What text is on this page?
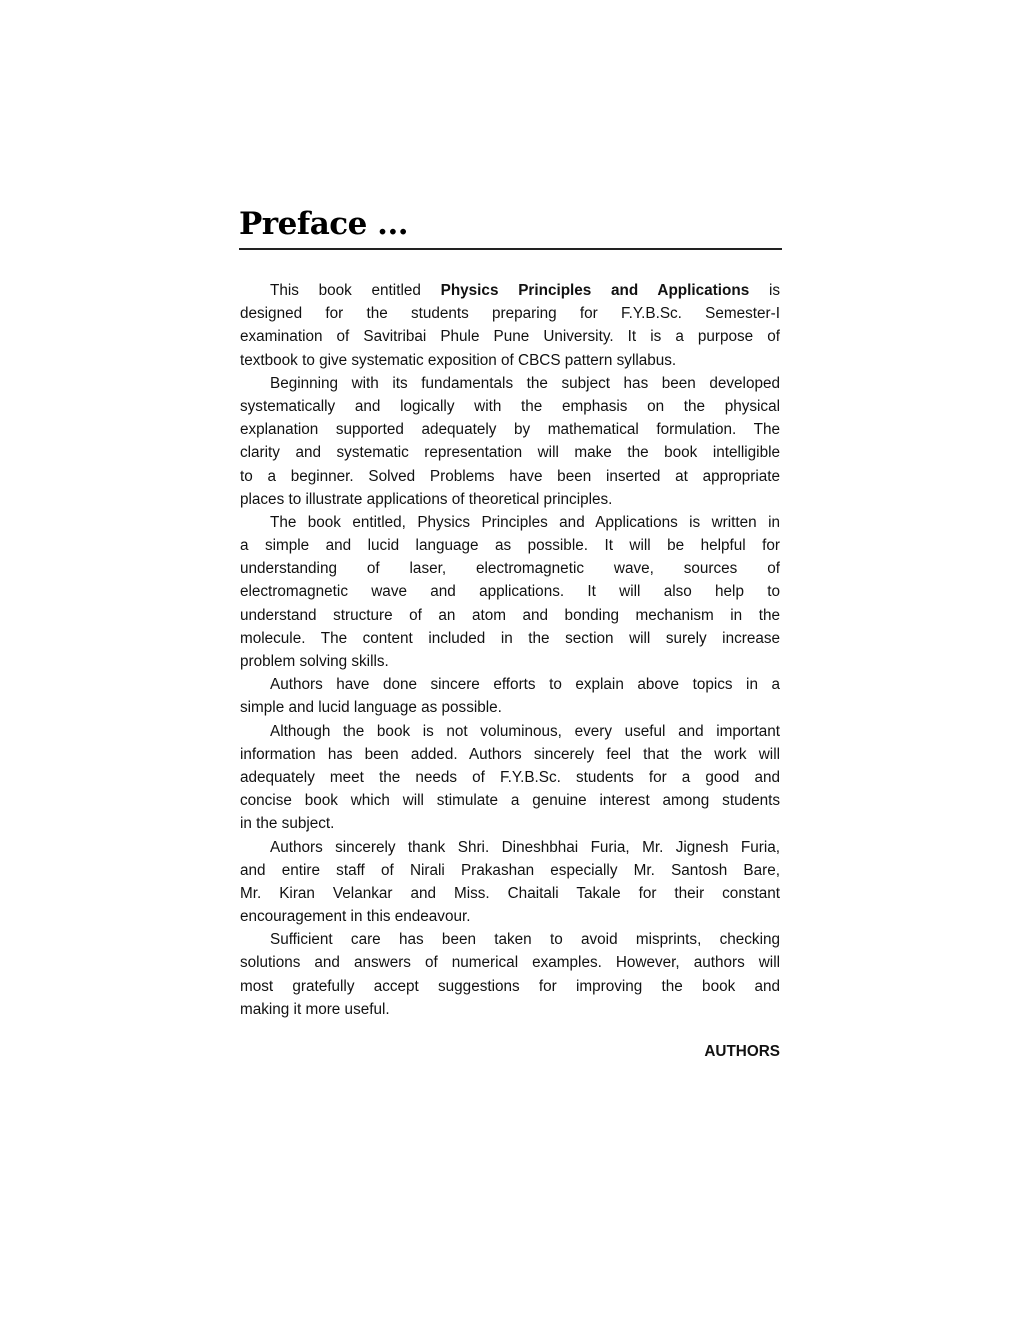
Preface ...
This book entitled Physics Principles and Applications is
designed for the students preparing for F.Y.B.Sc. Semester-I
examination of Savitribai Phule Pune University. It is a purpose of
textbook to give systematic exposition of CBCS pattern syllabus.
Beginning with its fundamentals the subject has been developed
systematically and logically with the emphasis on the physical
explanation supported adequately by mathematical formulation. The
clarity and systematic representation will make the book intelligible
to a beginner. Solved Problems have been inserted at appropriate
places to illustrate applications of theoretical principles.
The book entitled, Physics Principles and Applications is written in
a simple and lucid language as possible. It will be helpful for
understanding of laser, electromagnetic wave, sources of
electromagnetic wave and applications. It will also help to
understand structure of an atom and bonding mechanism in the
molecule. The content included in the section will surely increase
problem solving skills.
Authors have done sincere efforts to explain above topics in a
simple and lucid language as possible.
Although the book is not voluminous, every useful and important
information has been added. Authors sincerely feel that the work will
adequately meet the needs of F.Y.B.Sc. students for a good and
concise book which will stimulate a genuine interest among students
in the subject.
Authors sincerely thank Shri. Dineshbhai Furia, Mr. Jignesh Furia,
and entire staff of Nirali Prakashan especially Mr. Santosh Bare,
Mr. Kiran Velankar and Miss. Chaitali Takale for their constant
encouragement in this endeavour.
Sufficient care has been taken to avoid misprints, checking
solutions and answers of numerical examples. However, authors will
most gratefully accept suggestions for improving the book and
making it more useful.
AUTHORS
